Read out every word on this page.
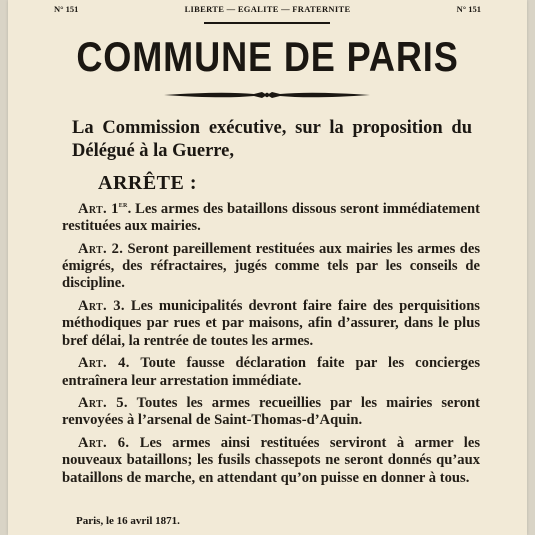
N° 151	LIBERTE — EGALITE — FRATERNITE	N° 151
COMMUNE DE PARIS
La Commission exécutive, sur la proposition du Délégué à la Guerre,
ARRÊTE :

Art. 1er. Les armes des bataillons dissous seront immédiatement restituées aux mairies.

Art. 2. Seront pareillement restituées aux mairies les armes des émigrés, des réfractaires, jugés comme tels par les conseils de discipline.

Art. 3. Les municipalités devront faire faire des perquisitions méthodiques par rues et par maisons, afin d’assurer, dans le plus bref délai, la rentrée de toutes les armes.

Art. 4. Toute fausse déclaration faite par les concierges entraînera leur arrestation immédiate.

Art. 5. Toutes les armes recueillies par les mairies seront renvoyées à l’arsenal de Saint-Thomas-d’Aquin.

Art. 6. Les armes ainsi restituées serviront à armer les nouveaux bataillons; les fusils chassepots ne seront donnés qu’aux bataillons de marche, en attendant qu’on puisse en donner à tous.

Paris, le 16 avril 1871.
